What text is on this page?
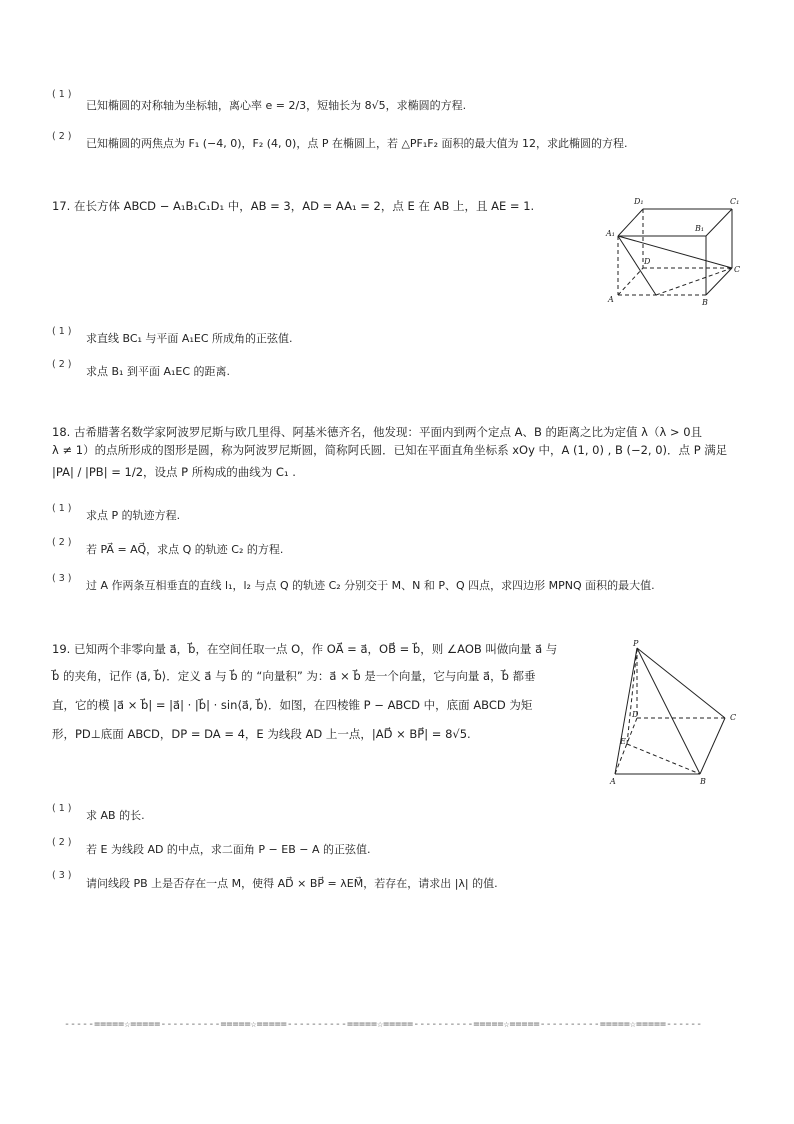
( 1 )
已知椭圆的对称轴为坐标轴，离心率 e = 2/3，短轴长为 8√5，求椭圆的方程.
( 2 )
已知椭圆的两焦点为 F₁ (−4, 0)，F₂ (4, 0)，点 P 在椭圆上，若 △PF₁F₂ 面积的最大值为 12，求此椭圆的方程.
17. 在长方体 ABCD − A₁B₁C₁D₁ 中，AB = 3，AD = AA₁ = 2，点 E 在 AB 上，且 AE = 1.
( 1 )
求直线 BC₁ 与平面 A₁EC 所成角的正弦值.
( 2 )
求点 B₁ 到平面 A₁EC 的距离.
D₁	C₁
A₁
B₁
D
C
A	B
18. 古希腊著名数学家阿波罗尼斯与欧几里得、阿基米德齐名，他发现：平面内到两个定点 A、B 的距离之比为定值 λ（λ > 0且
λ ≠ 1）的点所形成的图形是圆，称为阿波罗尼斯圆，简称阿氏圆．已知在平面直角坐标系 xOy 中，A (1, 0) , B (−2, 0)．点 P 满足
|PA| / |PB| = 1/2，设点 P 所构成的曲线为 C₁ .
( 1 )
求点 P 的轨迹方程.
( 2 )
若 PA⃗ = AQ⃗，求点 Q 的轨迹 C₂ 的方程.
( 3 )
过 A 作两条互相垂直的直线 l₁，l₂ 与点 Q 的轨迹 C₂ 分别交于 M、N 和 P、Q 四点，求四边形 MPNQ 面积的最大值.
19. 已知两个非零向量 a⃗，b⃗，在空间任取一点 O，作 OA⃗ = a⃗，OB⃗ = b⃗，则 ∠AOB 叫做向量 a⃗ 与
b⃗ 的夹角，记作 ⟨a⃗, b⃗⟩．定义 a⃗ 与 b⃗ 的 “向量积” 为：a⃗ × b⃗ 是一个向量，它与向量 a⃗，b⃗ 都垂
直，它的模 |a⃗ × b⃗| = |a⃗| · |b⃗| · sin⟨a⃗, b⃗⟩．如图，在四棱锥 P − ABCD 中，底面 ABCD 为矩
形，PD⊥底面 ABCD，DP = DA = 4，E 为线段 AD 上一点，|AD⃗ × BP⃗| = 8√5.
( 1 )
求 AB 的长.
( 2 )
若 E 为线段 AD 的中点，求二面角 P − EB − A 的正弦值.
( 3 )
请问线段 PB 上是否存在一点 M，使得 AD⃗ × BP⃗ = λEM⃗，若存在，请求出 |λ| 的值.
P
D	C
E
A	B
-----=====☆=====----------=====☆=====----------=====☆=====----------=====☆=====----------=====☆=====------
